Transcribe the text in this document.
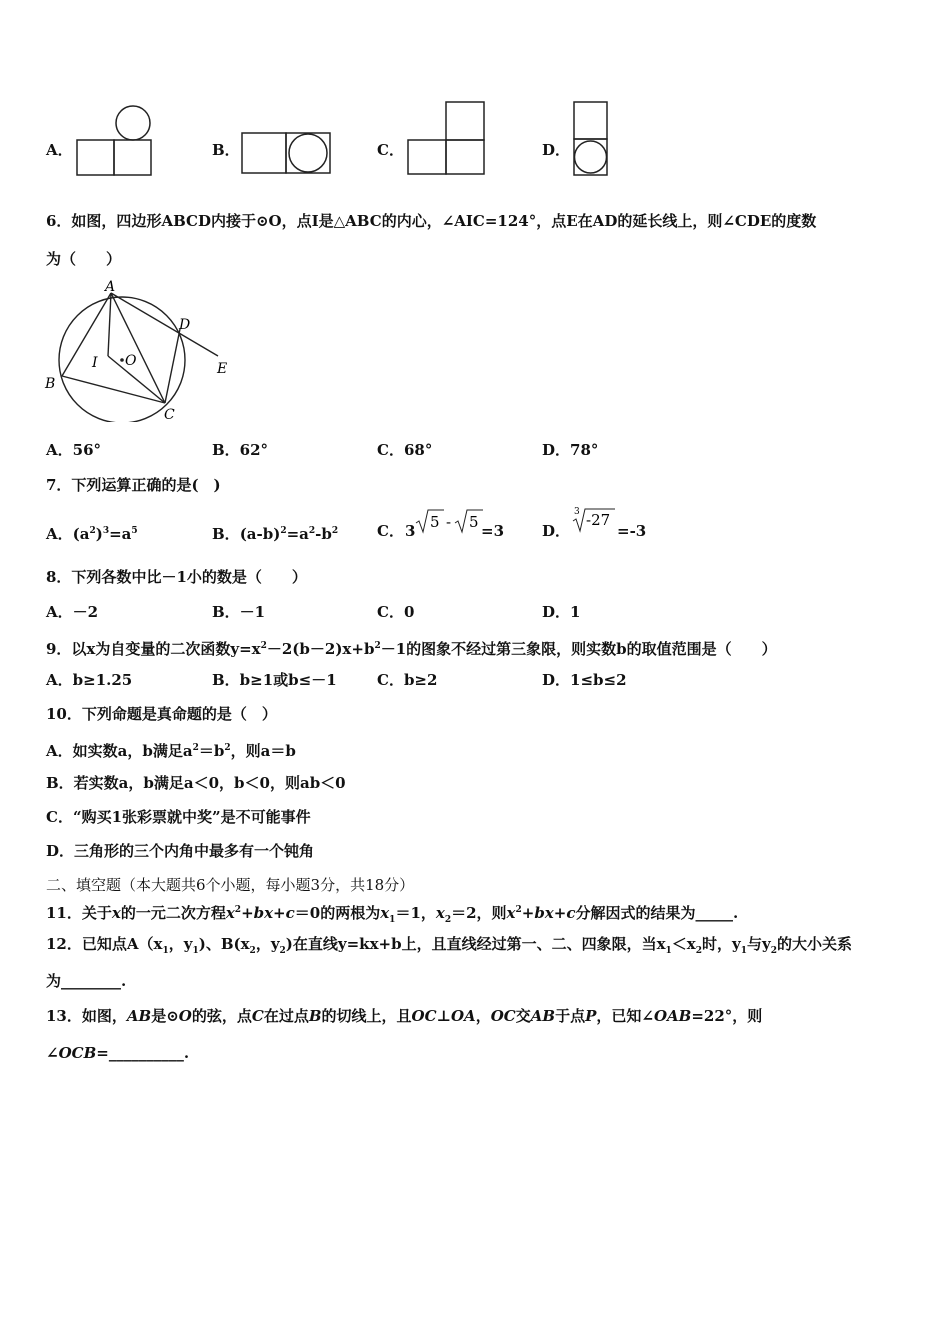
A．	B．	C．	D．
6．如图，四边形ABCD内接于⊙O，点I是△ABC的内心，∠AIC=124°，点E在AD的延长线上，则∠CDE的度数
为（　　）
A
B
C
D
E
I O
A．56°	B．62°	C．68°	D．78°
7．下列运算正确的是(　)
A．$(a^2)^3=a^5$	B．$(a-b)^2=a^2-b^2$	C． 3 5 - 5 =3	D．
3 -27
=-3
8．下列各数中比－1小的数是（　　）
A．－2	B．－1	C．0	D．1
9．以x为自变量的二次函数$y=x^2-2(b-2)x+b^2-1$的图象不经过第三象限，则实数b的取值范围是（　　）
A．b≥1.25	B．b≥1或b≤－1	C．b≥2	D．1≤b≤2
10．下列命题是真命题的是（　）
A．如实数a，b满足$a^2=b^2$，则a＝b
B．若实数a，b满足a＜0，b＜0，则ab＜0
C．“购买1张彩票就中奖”是不可能事件
D．三角形的三个内角中最多有一个钝角
二、填空题（本大题共6个小题，每小题3分，共18分）
11．关于x的一元二次方程$x^2+bx+c=0$的两根为$x_1=1$，$x_2=2$，则$x^2+bx+c$分解因式的结果为_____.
12．已知点$A(x_1$，$y_1$)、$B(x_2$，$y_2$)在直线y=kx+b上，且直线经过第一、二、四象限，当$x_1<x_2$时，$y_1$与$y_2$的大小关系
为________.
13．如图，AB是⊙O的弦，点C在过点B的切线上，且OC⊥OA，OC交AB于点P，已知∠OAB=22°，则
∠OCB=__________.
